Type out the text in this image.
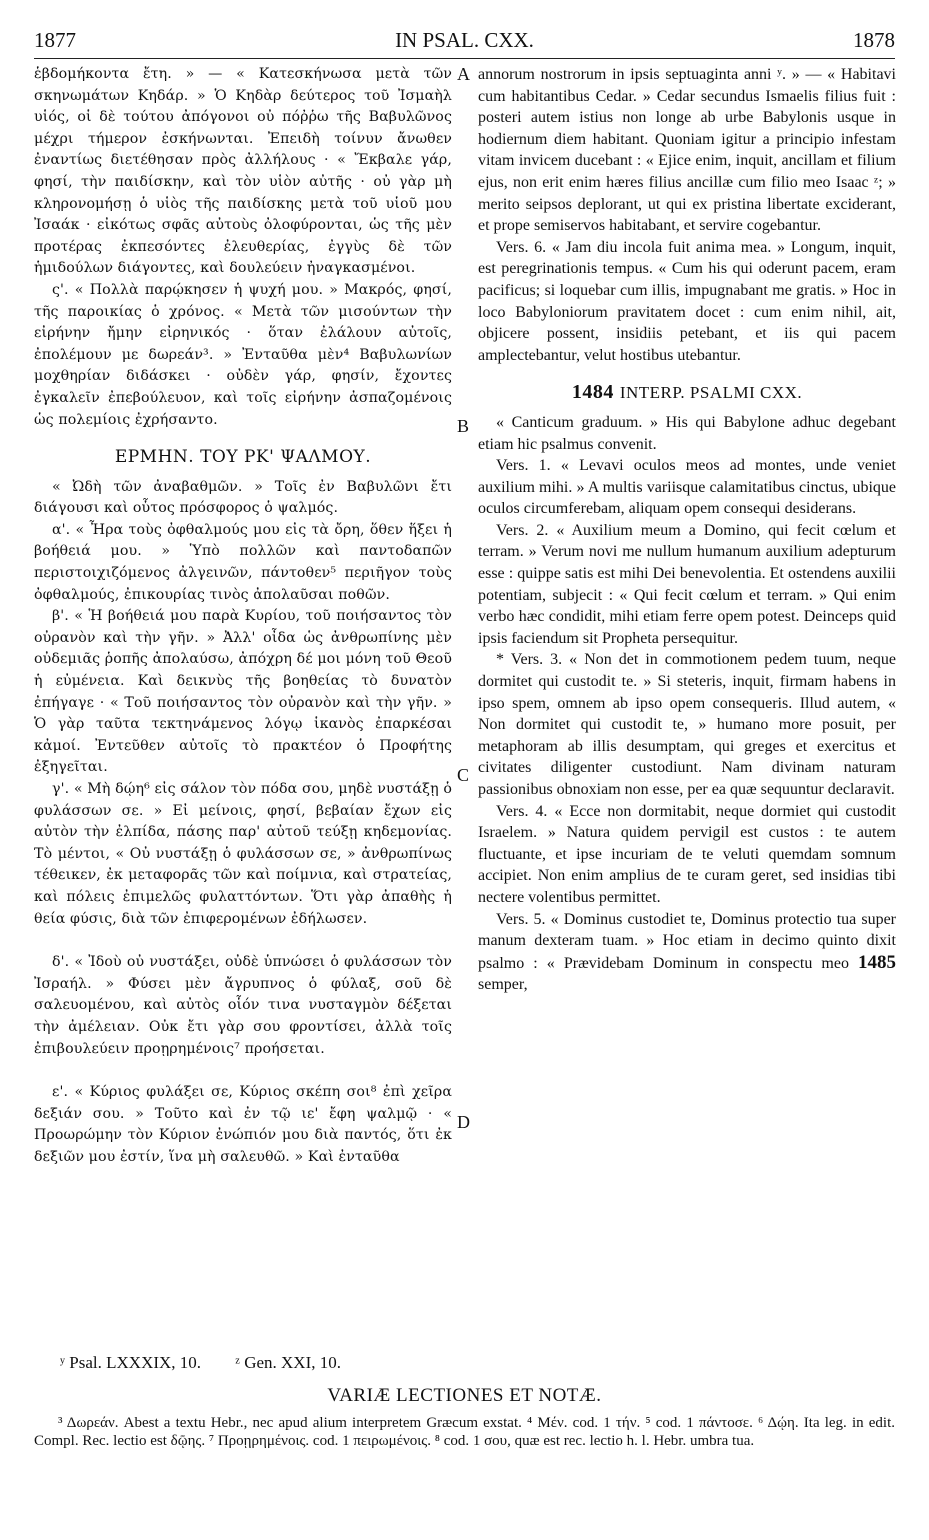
1877	IN PSAL. CXX.	1878
A
B
C
D

ἑβδομήκοντα ἔτη. » — « Κατεσκήνωσα μετὰ τῶν σκηνωμάτων Κηδάρ. » Ὁ Κηδὰρ δεύτερος τοῦ Ἰσμαὴλ υἱός, οἱ δὲ τούτου ἀπόγονοι οὐ πόῤῥω τῆς Βαβυλῶνος μέχρι τήμερον ἐσκήνωνται. Ἐπειδὴ τοίνυν ἄνωθεν ἐναντίως διετέθησαν πρὸς ἀλλήλους · « Ἔκβαλε γάρ, φησί, τὴν παιδίσκην, καὶ τὸν υἱὸν αὐτῆς · οὐ γὰρ μὴ κληρονομήσῃ ὁ υἱὸς τῆς παιδίσκης μετὰ τοῦ υἱοῦ μου Ἰσαάκ · εἰκότως σφᾶς αὐτοὺς ὀλοφύρονται, ὡς τῆς μὲν προτέρας ἐκπεσόντες ἐλευθερίας, ἐγγὺς δὲ τῶν ἡμιδούλων διάγοντες, καὶ δουλεύειν ἠναγκασμένοι.

ς'. « Πολλὰ παρῴκησεν ἡ ψυχή μου. » Μακρός, φησί, τῆς παροικίας ὁ χρόνος. « Μετὰ τῶν μισούντων τὴν εἰρήνην ἤμην εἰρηνικός · ὅταν ἐλάλουν αὐτοῖς, ἐπολέμουν με δωρεάν³. » Ἐνταῦθα μὲν⁴ Βαβυλωνίων μοχθηρίαν διδάσκει · οὐδὲν γάρ, φησίν, ἔχοντες ἐγκαλεῖν ἐπεβούλευον, καὶ τοῖς εἰρήνην ἀσπαζομένοις ὡς πολεμίοις ἐχρήσαντο.

ΕΡΜΗΝ. ΤΟΥ ΡΚ' ΨΑΛΜΟΥ.

« Ὠδὴ τῶν ἀναβαθμῶν. » Τοῖς ἐν Βαβυλῶνι ἔτι διάγουσι καὶ οὗτος πρόσφορος ὁ ψαλμός.

α'. « Ἦρα τοὺς ὀφθαλμούς μου εἰς τὰ ὄρη, ὅθεν ἥξει ἡ βοήθειά μου. » Ὑπὸ πολλῶν καὶ παντοδαπῶν περιστοιχιζόμενος ἀλγεινῶν, πάντοθεν⁵ περιῆγον τοὺς ὀφθαλμούς, ἐπικουρίας τινὸς ἀπολαῦσαι ποθῶν.

β'. « Ἡ βοήθειά μου παρὰ Κυρίου, τοῦ ποιήσαντος τὸν οὐρανὸν καὶ τὴν γῆν. » Ἀλλ' οἶδα ὡς ἀνθρωπίνης μὲν οὐδεμιᾶς ῥοπῆς ἀπολαύσω, ἀπόχρη δέ μοι μόνη τοῦ Θεοῦ ἡ εὐμένεια. Καὶ δεικνὺς τῆς βοηθείας τὸ δυνατὸν ἐπήγαγε · « Τοῦ ποιήσαντος τὸν οὐρανὸν καὶ τὴν γῆν. » Ὁ γὰρ ταῦτα τεκτηνάμενος λόγῳ ἱκανὸς ἐπαρκέσαι κἀμοί. Ἐντεῦθεν αὐτοῖς τὸ πρακτέον ὁ Προφήτης ἐξηγεῖται.

γ'. « Μὴ δῴη⁶ εἰς σάλον τὸν πόδα σου, μηδὲ νυστάξῃ ὁ φυλάσσων σε. » Εἰ μείνοις, φησί, βεβαίαν ἔχων εἰς αὐτὸν τὴν ἐλπίδα, πάσης παρ' αὐτοῦ τεύξῃ κηδεμονίας. Τὸ μέντοι, « Οὐ νυστάξῃ ὁ φυλάσσων σε, » ἀνθρωπίνως τέθεικεν, ἐκ μεταφορᾶς τῶν καὶ ποίμνια, καὶ στρατείας, καὶ πόλεις ἐπιμελῶς φυλαττόντων. Ὅτι γὰρ ἀπαθὴς ἡ θεία φύσις, διὰ τῶν ἐπιφερομένων ἐδήλωσεν.

δ'. « Ἰδοὺ οὐ νυστάξει, οὐδὲ ὑπνώσει ὁ φυλάσσων τὸν Ἰσραήλ. » Φύσει μὲν ἄγρυπνος ὁ φύλαξ, σοῦ δὲ σαλευομένου, καὶ αὐτὸς οἷόν τινα νυσταγμὸν δέξεται τὴν ἀμέλειαν. Οὐκ ἔτι γὰρ σου φροντίσει, ἀλλὰ τοῖς ἐπιβουλεύειν προῃρημένοις⁷ προήσεται.

ε'. « Κύριος φυλάξει σε, Κύριος σκέπη σοι⁸ ἐπὶ χεῖρα δεξιάν σου. » Τοῦτο καὶ ἐν τῷ ιε' ἔφη ψαλμῷ · « Προωρώμην τὸν Κύριον ἐνώπιόν μου διὰ παντός, ὅτι ἐκ δεξιῶν μου ἐστίν, ἵνα μὴ σαλευθῶ. » Καὶ ἐνταῦθα

annorum nostrorum in ipsis septuaginta anni ʸ. » — « Habitavi cum habitantibus Cedar. » Cedar secundus Ismaelis filius fuit : posteri autem istius non longe ab urbe Babylonis usque in hodiernum diem habitant. Quoniam igitur a principio infestam vitam invicem ducebant : « Ejice enim, inquit, ancillam et filium ejus, non erit enim hæres filius ancillæ cum filio meo Isaac ᶻ; » merito seipsos deplorant, ut qui ex pristina libertate exciderant, et prope semiservos habitabant, et servire cogebantur.

Vers. 6. « Jam diu incola fuit anima mea. » Longum, inquit, est peregrinationis tempus. « Cum his qui oderunt pacem, eram pacificus; si loquebar cum illis, impugnabant me gratis. » Hoc in loco Babyloniorum pravitatem docet : cum enim nihil, ait, objicere possent, insidiis petebant, et iis qui pacem amplectebantur, velut hostibus utebantur.

1484 INTERP. PSALMI CXX.

« Canticum graduum. » His qui Babylone adhuc degebant etiam hic psalmus convenit.

Vers. 1. « Levavi oculos meos ad montes, unde veniet auxilium mihi. » A multis variisque calamitatibus cinctus, ubique oculos circumferebam, aliquam opem consequi desiderans.

Vers. 2. « Auxilium meum a Domino, qui fecit cœlum et terram. » Verum novi me nullum humanum auxilium adepturum esse : quippe satis est mihi Dei benevolentia. Et ostendens auxilii potentiam, subjecit : « Qui fecit cœlum et terram. » Qui enim verbo hæc condidit, mihi etiam ferre opem potest. Deinceps quid ipsis faciendum sit Propheta persequitur.

* Vers. 3. « Non det in commotionem pedem tuum, neque dormitet qui custodit te. » Si steteris, inquit, firmam habens in ipso spem, omnem ab ipso opem consequeris. Illud autem, « Non dormitet qui custodit te, » humano more posuit, per metaphoram ab illis desumptam, qui greges et exercitus et civitates diligenter custodiunt. Nam divinam naturam passionibus obnoxiam non esse, per ea quæ sequuntur declaravit.

Vers. 4. « Ecce non dormitabit, neque dormiet qui custodit Israelem. » Natura quidem pervigil est custos : te autem fluctuante, et ipse incuriam de te veluti quemdam somnum accipiet. Non enim amplius de te curam geret, sed insidias tibi nectere volentibus permittet.

Vers. 5. « Dominus custodiet te, Dominus protectio tua super manum dexteram tuam. » Hoc etiam in decimo quinto dixit psalmo : « Prævidebam Dominum in conspectu meo 1485 semper,

ʸ Psal. LXXXIX, 10. ᶻ Gen. XXI, 10.
VARIÆ LECTIONES ET NOTÆ.

³ Δωρεάν. Abest a textu Hebr., nec apud alium interpretem Græcum exstat. ⁴ Μέν. cod. 1 τήν. ⁵ cod. 1 πάντοσε. ⁶ Δῴη. Ita leg. in edit. Compl. Rec. lectio est δῷης. ⁷ Προῃρημένοις. cod. 1 πειρωμένοις. ⁸ cod. 1 σου, quæ est rec. lectio h. l. Hebr. umbra tua.
